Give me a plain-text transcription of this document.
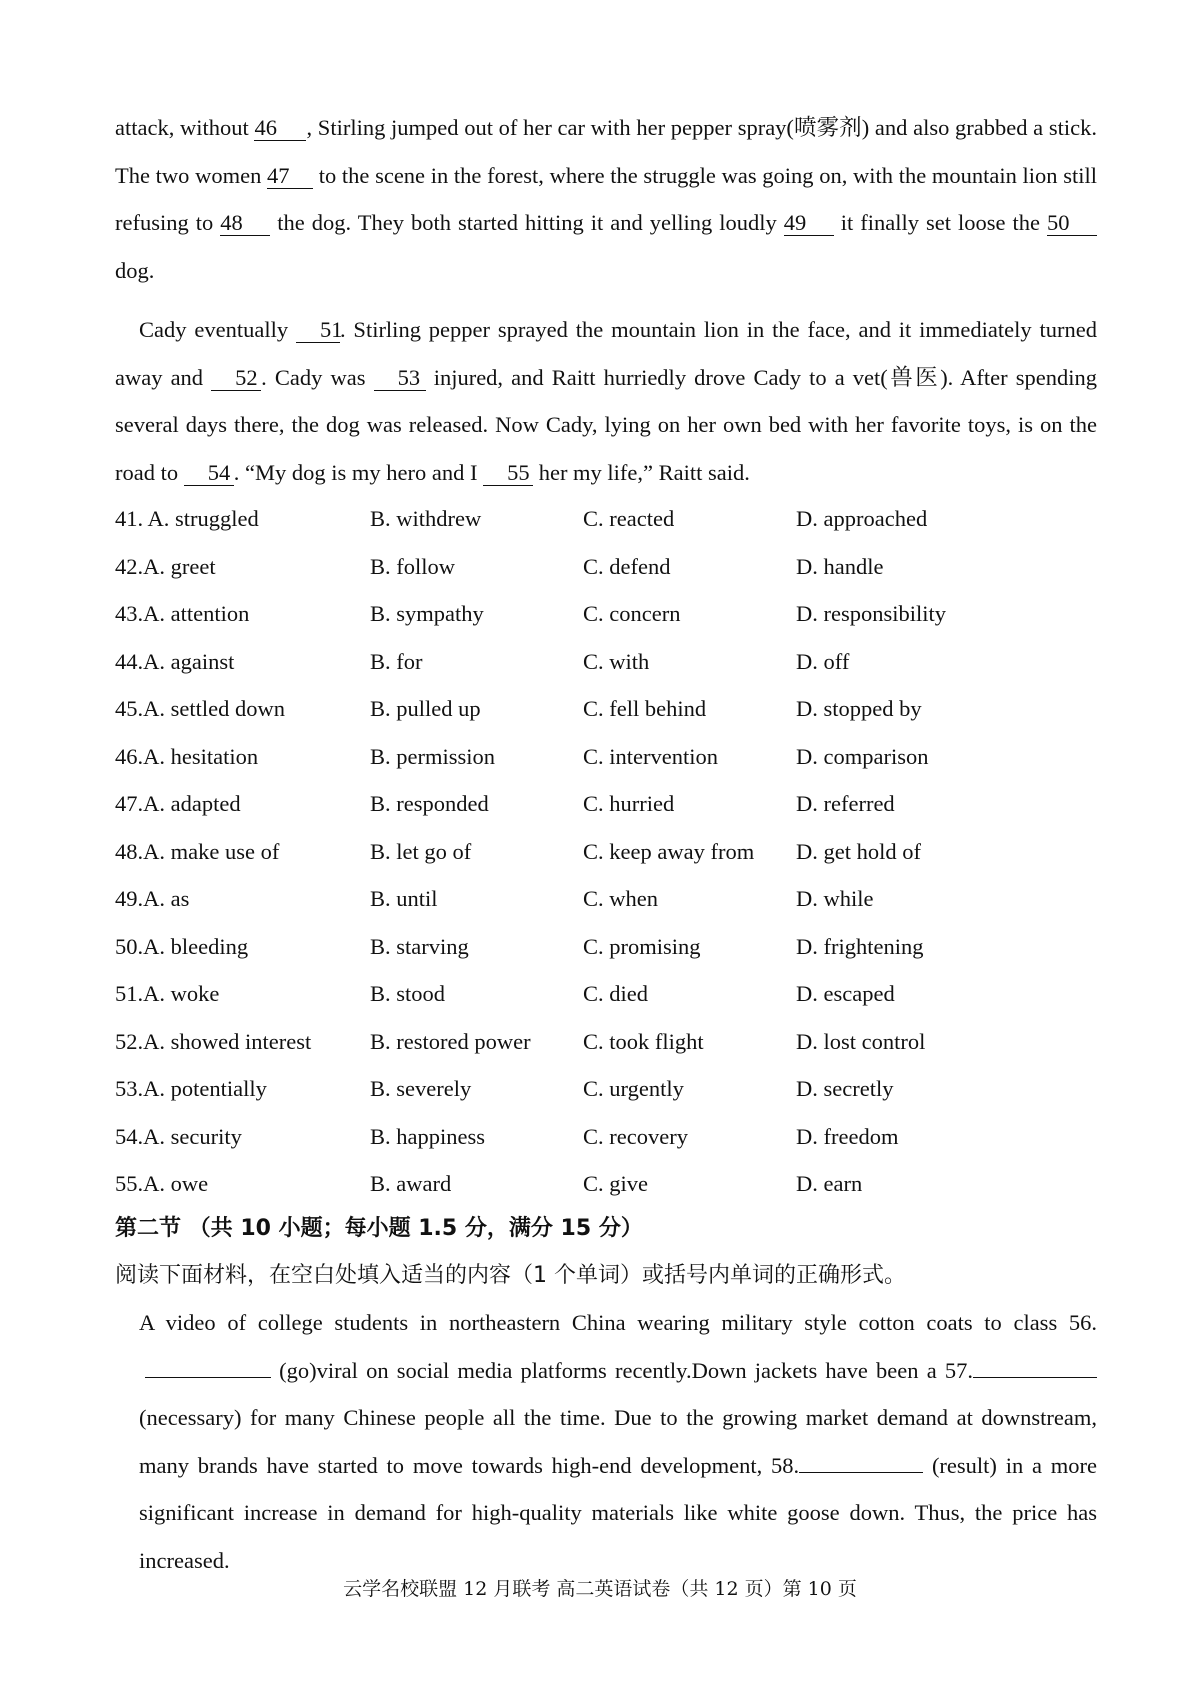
attack, without 46 , Stirling jumped out of her car with her pepper spray(喷雾剂) and also grabbed a stick. The two women 47 to the scene in the forest, where the struggle was going on, with the mountain lion still refusing to 48 the dog. They both started hitting it and yelling loudly 49 it finally set loose the 50 dog.
Cady eventually 51. Stirling pepper sprayed the mountain lion in the face, and it immediately turned away and 52 . Cady was 53 injured, and Raitt hurriedly drove Cady to a vet(兽医). After spending several days there, the dog was released. Now Cady, lying on her own bed with her favorite toys, is on the road to 54 . “My dog is my hero and I 55 her my life,” Raitt said.
41. A. struggled	B. withdrew	C. reacted	D. approached
42.A. greet	B. follow	C. defend	D. handle
43.A. attention	B. sympathy	C. concern	D. responsibility
44.A. against	B. for	C. with	D. off
45.A. settled down	B. pulled up	C. fell behind	D. stopped by
46.A. hesitation	B. permission	C. intervention	D. comparison
47.A. adapted	B. responded	C. hurried	D. referred
48.A. make use of	B. let go of	C. keep away from D. get hold of
49.A. as	B. until	C. when	D. while
50.A. bleeding	B. starving	C. promising	D. frightening
51.A. woke	B. stood	C. died	D. escaped
52.A. showed interest	B. restored power C. took flight	D. lost control
53.A. potentially	B. severely	C. urgently	D. secretly
54.A. security	B. happiness	C. recovery	D. freedom
55.A. owe	B. award	C. give	D. earn
第二节 （共 10 小题；每小题 1.5 分，满分 15 分）
阅读下面材料，在空白处填入适当的内容（1 个单词）或括号内单词的正确形式。
A video of college students in northeastern China wearing military style cotton coats to class 56. (go)viral on social media platforms recently.Down jackets have been a 57. (necessary) for many Chinese people all the time. Due to the growing market demand at downstream, many brands have started to move towards high-end development, 58.	(result) in a more significant increase in demand for high-quality materials like white goose down. Thus, the price has increased.
云学名校联盟 12 月联考 高二英语试卷（共 12 页）第 10 页
